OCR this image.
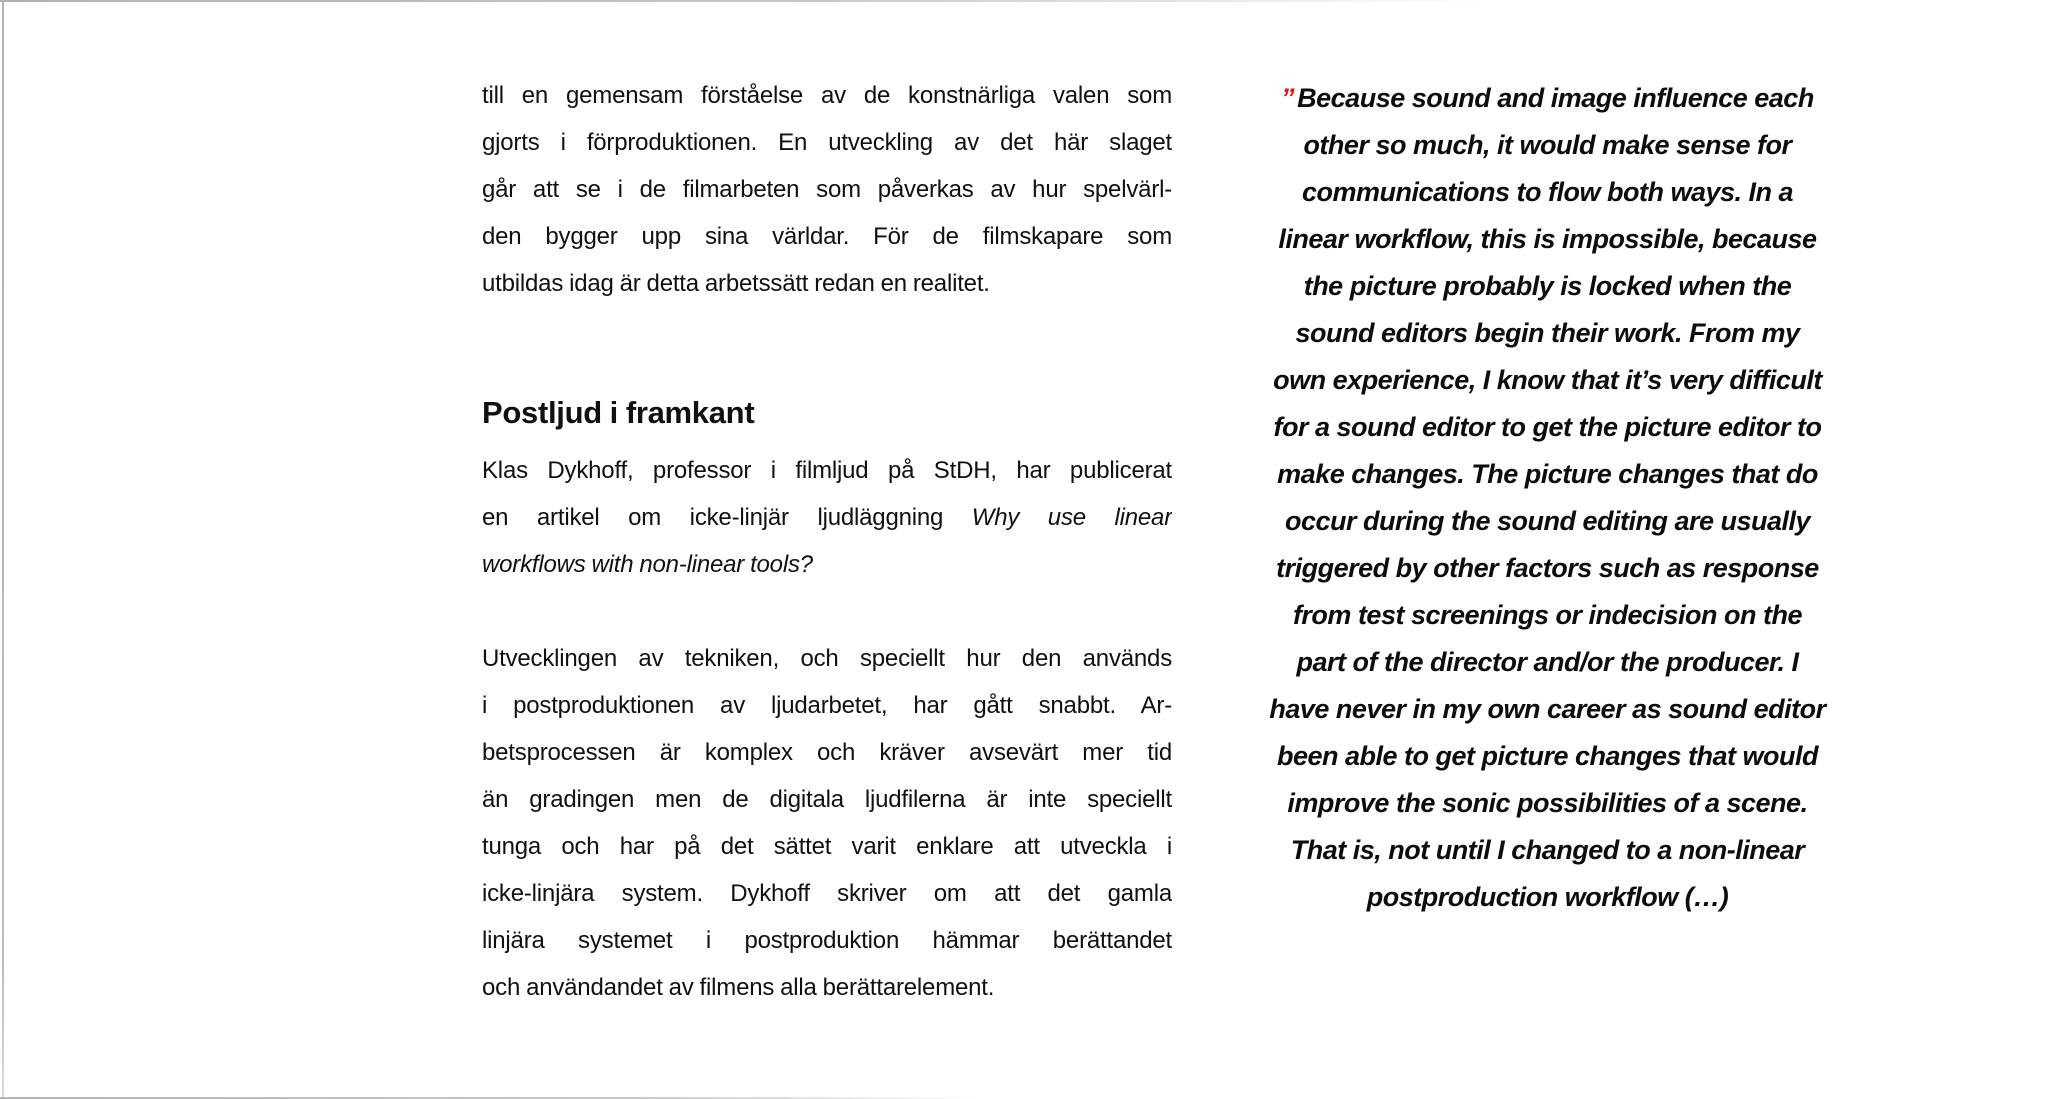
till en gemensam förståelse av de konstnärliga valen som
gjorts i förproduktionen. En utveckling av det här slaget
går att se i de filmarbeten som påverkas av hur spelvärl-
den bygger upp sina världar. För de filmskapare som
utbildas idag är detta arbetssätt redan en realitet.
Postljud i framkant
Klas Dykhoff, professor i filmljud på StDH, har publicerat
en artikel om icke-linjär ljudläggning Why use linear
workflows with non-linear tools?
Utvecklingen av tekniken, och speciellt hur den används
i postproduktionen av ljudarbetet, har gått snabbt. Ar-
betsprocessen är komplex och kräver avsevärt mer tid
än gradingen men de digitala ljudfilerna är inte speciellt
tunga och har på det sättet varit enklare att utveckla i
icke-linjära system. Dykhoff skriver om att det gamla
linjära systemet i postproduktion hämmar berättandet
och användandet av filmens alla berättarelement.
” Because sound and image influence each
other so much, it would make sense for
communications to flow both ways. In a
linear workflow, this is impossible, because
the picture probably is locked when the
sound editors begin their work. From my
own experience, I know that it’s very difficult
for a sound editor to get the picture editor to
make changes. The picture changes that do
occur during the sound editing are usually
triggered by other factors such as response
from test screenings or indecision on the
part of the director and/or the producer. I
have never in my own career as sound editor
been able to get picture changes that would
improve the sonic possibilities of a scene.
That is, not until I changed to a non-linear
postproduction workflow (…)
